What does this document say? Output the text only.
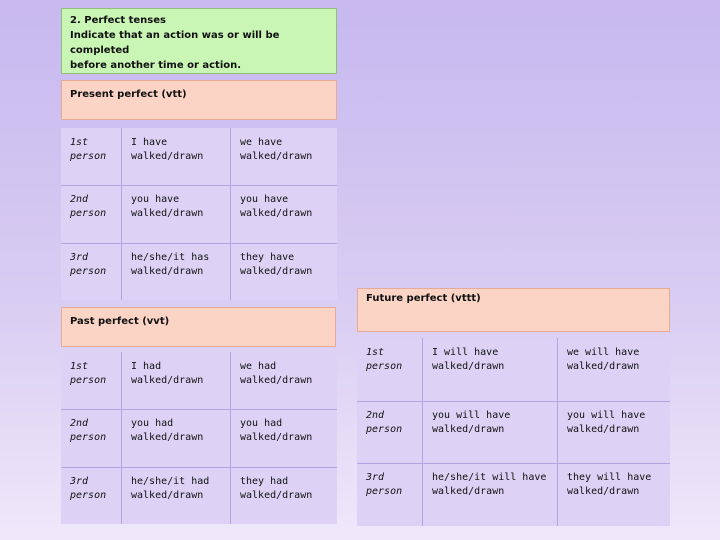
2. Perfect tenses
Indicate that an action was or will be completed
before another time or action.
Present perfect (vtt)
1st
person
I have
walked/drawn
we have
walked/drawn
2nd
person
you have
walked/drawn
you have
walked/drawn
3rd
person
he/she/it has
walked/drawn
they have
walked/drawn
Future perfect (vttt)
1st
person
I will have
walked/drawn
we will have
walked/drawn
2nd
person
you will have
walked/drawn
you will have
walked/drawn
3rd
person
he/she/it will have
walked/drawn
they will have
walked/drawn
Past perfect (vvt)
1st
person
I had
walked/drawn
we had
walked/drawn
2nd
person
you had
walked/drawn
you had
walked/drawn
3rd
person
he/she/it had
walked/drawn
they had
walked/drawn
